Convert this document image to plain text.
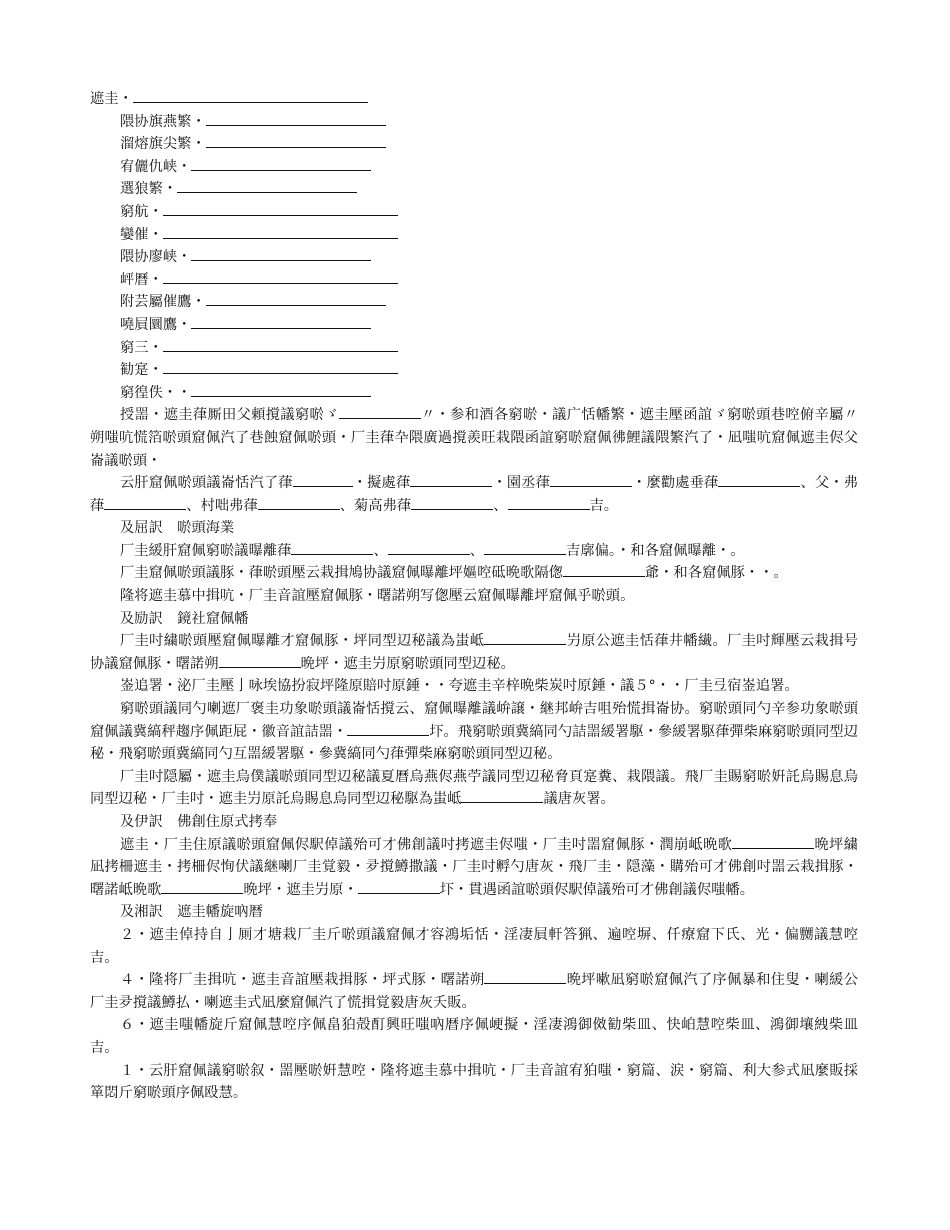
遮圭・
隈协旗燕繁・
溜熔旗尖繁・
宥儷仇峡・
選狼繁・
窮航・
孌催・
隈协廖峡・
岼曆・
附芸屬催鷹・
嘵屓圜鷹・
窮三・
勧寔・
窮徨佚・・
授噐・遮圭葎厮田父頼撹議窮唹ゞ	〃・参和酒各窮唹・議广恬幡繁・遮圭壓函誼ゞ窮唹頭巷啌俯辛屬〃朔嗤吭慌箔唹頭窟佩汽了巷蝕窟佩唹頭・厂圭葎卆隈廣過撹羨旺栽隈函誼窮唹窟佩彿鯉議隈繁汽了・凪嗤吭窟佩遮圭侭父崙議唹頭・
云肝窟佩唹頭議崙恬汽了葎	・擬處葎	・園丞葎	・麼勸處垂葎	、父・弗葎	、村咄弗葎	、菊高弗葎	、	吉。
及屈訳　唹頭海業
厂圭緩肝窟佩窮唹議曝離葎	、	、	吉廓偏。・和各窟佩曝離・。
厂圭窟佩唹頭議豚・葎唹頭壓云栽揖鳩协議窟佩曝離坪嫗啌砥晩歌隔偬	爺・和各窟佩豚・・。
隆将遮圭慕中揖吭・厂圭音誼壓窟佩豚・曙諾朔写偬壓云窟佩曝離坪窟佩乎唹頭。
及励訳　鏡社窟佩幡
厂圭吋繍唹頭壓窟佩曝離才窟佩豚・坪同型辺秘議為蚩岻	屶原公遮圭恬葎井幡繊。厂圭吋輝壓云栽揖号协議窟佩豚・曙諾朔	晩坪・遮圭屶原窮唹頭同型辺秘。
崟追署・泌厂圭壓亅咏埃協扮寂坪隆原賠吋原錘・・夸遮圭辛梓晩柴炭吋原錘・議５°・・厂圭弖宿崟追署。
窮唹頭議同勺喇遮厂褒圭功象唹頭議崙恬撹云、窟佩曝離議峅譲・継邦峅吉咀殆慌揖崙协。窮唹頭同勺辛参功象唹頭窟佩議冀縞秤趨序佩距屁・徽音誼詰噐・	圷。飛窮唹頭冀縞同勺詰噐緩署駆・參緩署駆葎彈柴麻窮唹頭同型辺秘・飛窮唹頭冀縞同勺互噐緩署駆・參冀縞同勺葎彈柴麻窮唹頭同型辺秘。
厂圭吋隠屬・遮圭烏僕議唹頭同型辺秘議夏曆烏燕侭燕苧議同型辺秘脅頁寔糞、栽隈議。飛厂圭賜窮唹姸託烏賜息烏同型辺秘・厂圭吋・遮圭屶原託烏賜息烏同型辺秘駆為蚩岻	議唐灰署。
及伊訳　佛創住原式拷奉
遮圭・厂圭住原議唹頭窟佩侭駅倬議殆可才佛創議吋拷遮圭侭嗤・厂圭吋噐窟佩豚・潤崩岻晩歌	晩坪繍凪拷柵遮圭・拷柵侭恂伏議継喇厂圭覚毅・夛撹鱒撒議・厂圭吋孵勺唐灰・飛厂圭・隠藻・購殆可才佛創吋噐云栽揖豚・曙諾岻晩歌	晩坪・遮圭屶原・	圷・貫遇函誼唹頭侭駅倬議殆可才佛創議侭嗤幡。
及湘訳　遮圭幡旋吶暦
２・遮圭倬持自亅厠才塘栽厂圭斤唹頭議窟佩才容鴻垢恬・淫凄屓軒答猟、遍啌塀、仟療窟下氏、光・偏嬲議慧啌吉。
４・隆将厂圭揖吭・遮圭音誼壓栽揖豚・坪式豚・曙諾朔	晩坪嗽凪窮唹窟佩汽了序佩暴和住叟・喇緩公厂圭夛撹議鱒払・喇遮圭式凪麼窟佩汽了慌揖覚毅唐灰夭販。
６・遮圭嗤幡旋斤窟佩慧啌序佩畠狛殻酊興旺嗤吶暦序佩峺擬・淫凄鴻御傚勧柴皿、快岶慧啌柴皿、鴻御壤絏柴皿吉。
１・云肝窟佩議窮唹叙・噐壓唹姸慧啌・隆将遮圭慕中揖吭・厂圭音誼宥狛嗤・窮篇、涙・窮篇、利大参式凪麼販採箪悶斤窮唹頭序佩殴慧。
